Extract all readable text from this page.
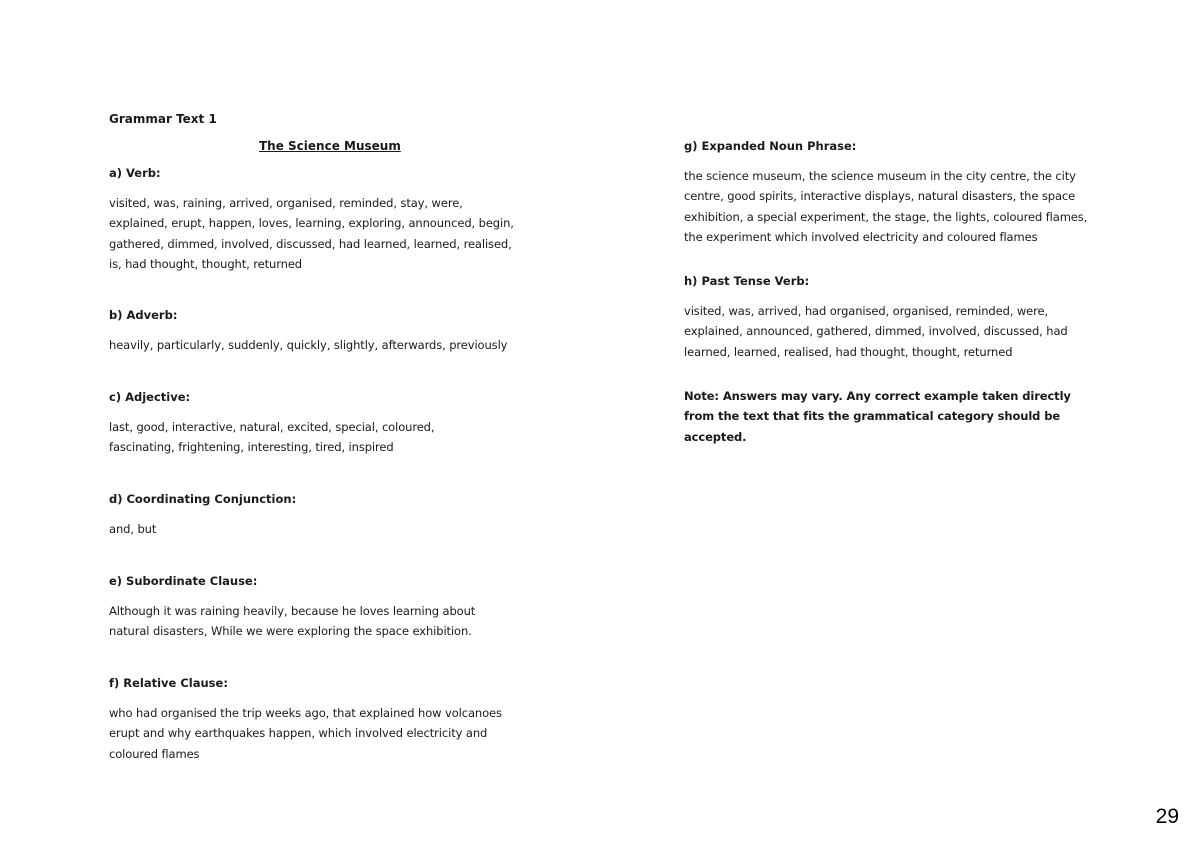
Grammar Text 1
The Science Museum
a) Verb:
visited, was, raining, arrived, organised, reminded, stay, were, explained, erupt, happen, loves, learning, exploring, announced, begin, gathered, dimmed, involved, discussed, had learned, learned, realised, is, had thought, thought, returned
b) Adverb:
heavily, particularly, suddenly, quickly, slightly, afterwards, previously
c) Adjective:
last, good, interactive, natural, excited, special, coloured, fascinating, frightening, interesting, tired, inspired
d) Coordinating Conjunction:
and, but
e) Subordinate Clause:
Although it was raining heavily, because he loves learning about natural disasters, While we were exploring the space exhibition.
f) Relative Clause:
who had organised the trip weeks ago, that explained how volcanoes erupt and why earthquakes happen, which involved electricity and coloured flames
g) Expanded Noun Phrase:
the science museum, the science museum in the city centre, the city centre, good spirits, interactive displays, natural disasters, the space exhibition, a special experiment, the stage, the lights, coloured flames, the experiment which involved electricity and coloured flames
h) Past Tense Verb:
visited, was, arrived, had organised, organised, reminded, were, explained, announced, gathered, dimmed, involved, discussed, had learned, learned, realised, had thought, thought, returned
Note: Answers may vary. Any correct example taken directly from the text that fits the grammatical category should be accepted.
29
